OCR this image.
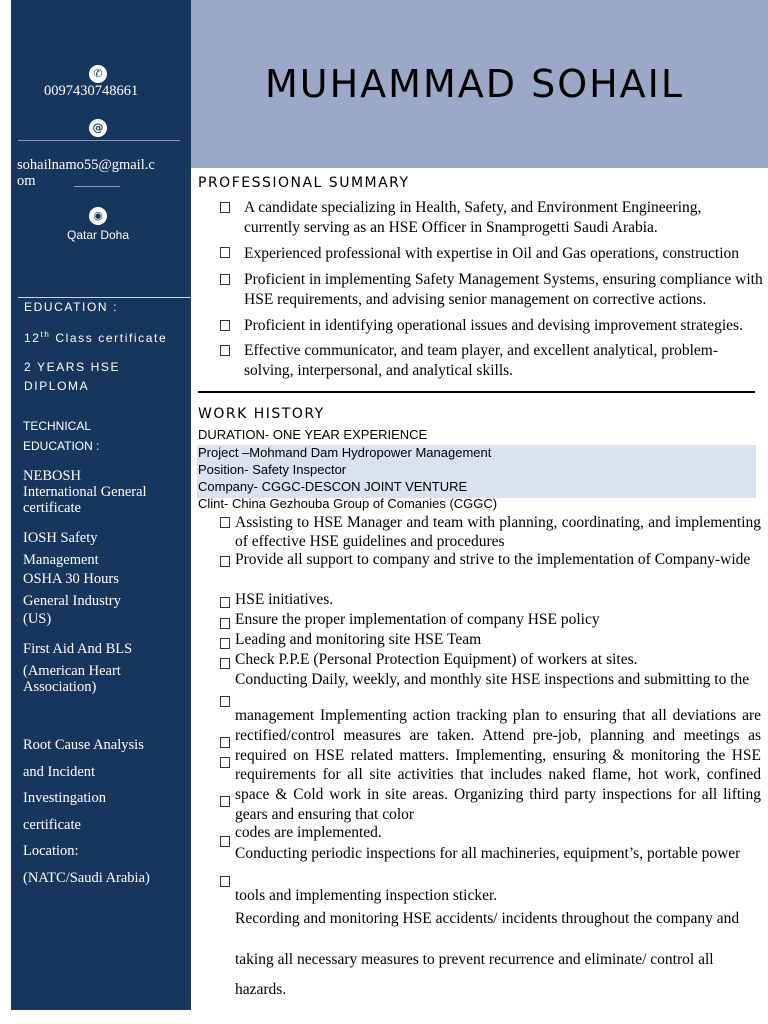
✆
0097430748661
@
sohailnamo55@gmail.c
om
◉
Qatar Doha
EDUCATION :
12th Class certificate
2 YEARS HSE
DIPLOMA
TECHNICAL
EDUCATION :
NEBOSH
International General
certificate
IOSH Safety
Management
OSHA 30 Hours
General Industry
(US)
First Aid And BLS
(American Heart
Association)
Root Cause Analysis
and Incident
Investingation
certificate
Location:
(NATC/Saudi Arabia)
MUHAMMAD SOHAIL
PROFESSIONAL SUMMARY
A candidate specializing in Health, Safety, and Environment Engineering, currently serving as an HSE Officer in Snamprogetti Saudi Arabia.
Experienced professional with expertise in Oil and Gas operations, construction
Proficient in implementing Safety Management Systems, ensuring compliance with HSE requirements, and advising senior management on corrective actions.
Proficient in identifying operational issues and devising improvement strategies.
Effective communicator, and team player, and excellent analytical, problem-solving, interpersonal, and analytical skills.
WORK HISTORY
DURATION- ONE YEAR EXPERIENCE
Project –Mohmand Dam Hydropower Management
Position- Safety Inspector
Company- CGGC-DESCON JOINT VENTURE
Clint- China Gezhouba Group of Comanies (CGGC)
Assisting to HSE Manager and team with planning, coordinating, and implementing of effective HSE guidelines and procedures
Provide all support to company and strive to the implementation of Company-wide
HSE initiatives.
Ensure the proper implementation of company HSE policy
Leading and monitoring site HSE Team
Check P.P.E (Personal Protection Equipment) of workers at sites.
Conducting Daily, weekly, and monthly site HSE inspections and submitting to the
management Implementing action tracking plan to ensuring that all deviations are rectified/control measures are taken. Attend pre-job, planning and meetings as required on HSE related matters. Implementing, ensuring & monitoring the HSE requirements for all site activities that includes naked flame, hot work, confined space & Cold work in site areas. Organizing third party inspections for all lifting gears and ensuring that color
codes are implemented.
Conducting periodic inspections for all machineries, equipment’s, portable power
tools and implementing inspection sticker.
Recording and monitoring HSE accidents/ incidents throughout the company and
taking all necessary measures to prevent recurrence and eliminate/ control all
hazards.
